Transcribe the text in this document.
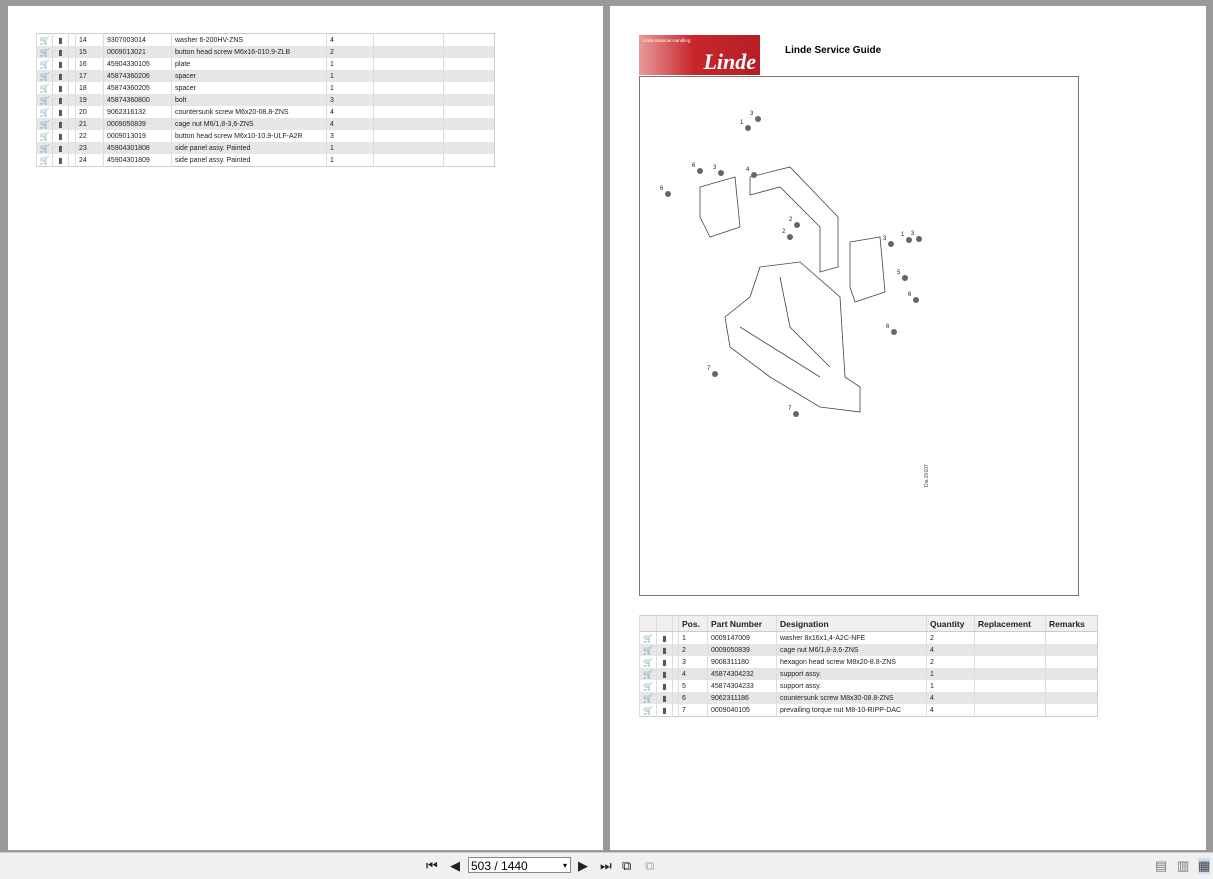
🛒	▮		14	9307003014	washer 6-200HV-ZNS	4		
🛒	▮		15	0009013021	button head screw M6x16-010.9-ZLB	2		
🛒	▮		16	45904330105	plate	1		
🛒	▮		17	45874360206	spacer	1		
🛒	▮		18	45874360205	spacer	1		
🛒	▮		19	45874360800	bolt	3		
🛒	▮		20	9062316132	countersunk screw M6x20-08.8-ZNS	4		
🛒	▮		21	0009050839	cage nut M6/1,8-3,6-ZNS	4		
🛒	▮		22	0009013019	button head screw M6x10-10.9-ULF-A2R	3		
🛒	▮		23	45904301808	side panel assy. Painted	1		
🛒	▮		24	45904301809	side panel assy. Painted	1		
Linde Material Handling
Linde	Linde Service Guide
1
3
6
6
3	4
2
2
3
1 3
5
6
6
7
7
Dia 20107
			Pos.	Part Number	Designation	Quantity	Replacement	Remarks
🛒	▮		1	0009147009	washer 8x16x1,4-A2C-NFE	2		
🛒	▮		2	0009050839	cage nut M6/1,8-3,6-ZNS	4		
🛒	▮		3	9008311180	hexagon head screw M8x20-8.8-ZNS	2		
🛒	▮		4	45874304232	support assy.	1		
🛒	▮		5	45874304233	support assy.	1		
🛒	▮		6	9062311186	countersunk screw M8x30-08.8-ZNS	4		
🛒	▮		7	0009040105	prevailing torque nut M8-10-RIPP-DAC	4		
⏮ ◀ 503 / 1440	▾ ▶ ⏭ ⧉ ⧉	▤ ▥ ▦
